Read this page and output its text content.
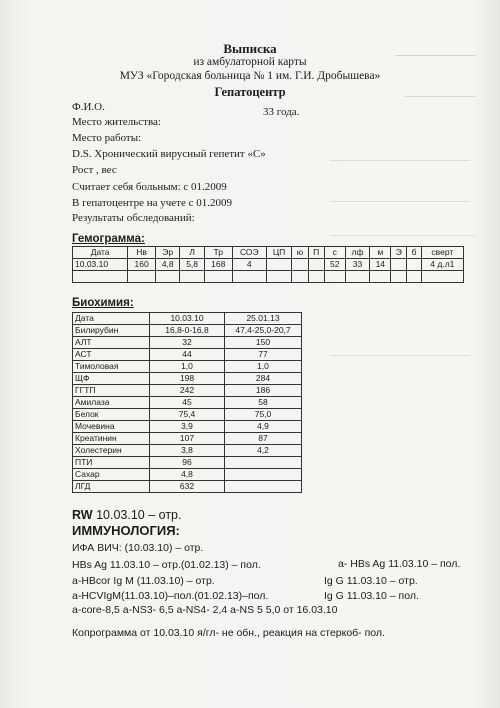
Выписка
из амбулаторной карты
МУЗ «Городская больница № 1 им. Г.И. Дробышева»
Гепатоцентр
Ф.И.О.	33 года.
Место жительства:
Место работы:
D.S. Хронический вирусный гепетит «С»
Рост , вес
Считает себя больным: с 01.2009
В гепатоцентре на учете с 01.2009
Результаты обследований:
Гемограмма:
Дата	Нв	Эр	Л	Тр	СОЭ	ЦП	ю	П	с	лф	м	Э	б	сверт
10.03.10	160	4,8	5,8	168	4				52	33	14			4 д.л1

Биохимия:
Дата	10.03.10	25.01.13
Билирубин	16,8-0-16,8	47,4-25,0-20,7
АЛТ	32	150
АСТ	44	77
Тимоловая	1,0	1,0
ЩФ	198	284
ГГТП	242	186
Амилаза	45	58
Белок	75,4	75,0
Мочевина	3,9	4,9
Креатинин	107	87
Холестерин	3,8	4,2
ПТИ	96	
Сахар	4,8	
ЛГД	632	
RW 10.03.10 – отр.
ИММУНОЛОГИЯ:
ИФА ВИЧ: (10.03.10) – отр.
HBs Ag 11.03.10 – отр.(01.02.13) – пол.	a- HBs Ag 11.03.10 – пол.
a-HBcor Ig M (11.03.10) – отр.	Ig G 11.03.10 – отр.
a-HCVIgM(11.03.10)–пол.(01.02.13)–пол.	Ig G 11.03.10 – пол.
a-core-8,5 a-NS3- 6,5 a-NS4- 2,4 a-NS 5 5,0 от 16.03.10
Копрограмма от 10.03.10 я/гл- не обн., реакция на стеркоб- пол.
